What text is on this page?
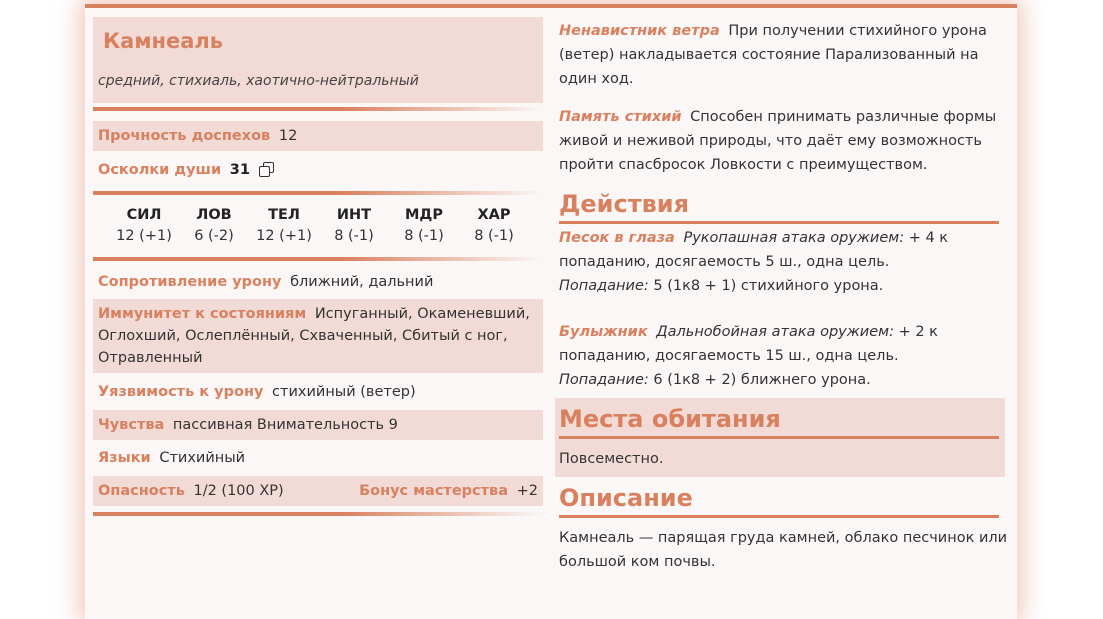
Камнеаль
средний, стихиаль, хаотично-нейтральный
Прочность доспехов 12
Осколки души 31
СИЛ
12 (+1)
ЛОВ
6 (-2)
ТЕЛ
12 (+1)
ИНТ
8 (-1)
МДР
8 (-1)
ХАР
8 (-1)
Сопротивление урону ближний, дальний
Иммунитет к состояниям Испуганный, Окаменевший, Оглохший, Ослеплённый, Схваченный, Сбитый с ног, Отравленный
Уязвимость к урону стихийный (ветер)
Чувства пассивная Внимательность 9
Языки Стихийный
Опасность 1/2 (100 XP)	Бонус мастерства +2
Ненавистник ветра При получении стихийного урона (ветер) накладывается состояние Парализованный на один ход.
Память стихий Способен принимать различные формы живой и неживой природы, что даёт ему возможность пройти спасбросок Ловкости с преимуществом.
Действия
Песок в глаза Рукопашная атака оружием: + 4 к попаданию, досягаемость 5 ш., одна цель.
Попадание: 5 (1к8 + 1) стихийного урона.
Булыжник Дальнобойная атака оружием: + 2 к попаданию, досягаемость 15 ш., одна цель.
Попадание: 6 (1к8 + 2) ближнего урона.
Места обитания
Повсеместно.
Описание
Камнеаль — парящая груда камней, облако песчинок или большой ком почвы.
